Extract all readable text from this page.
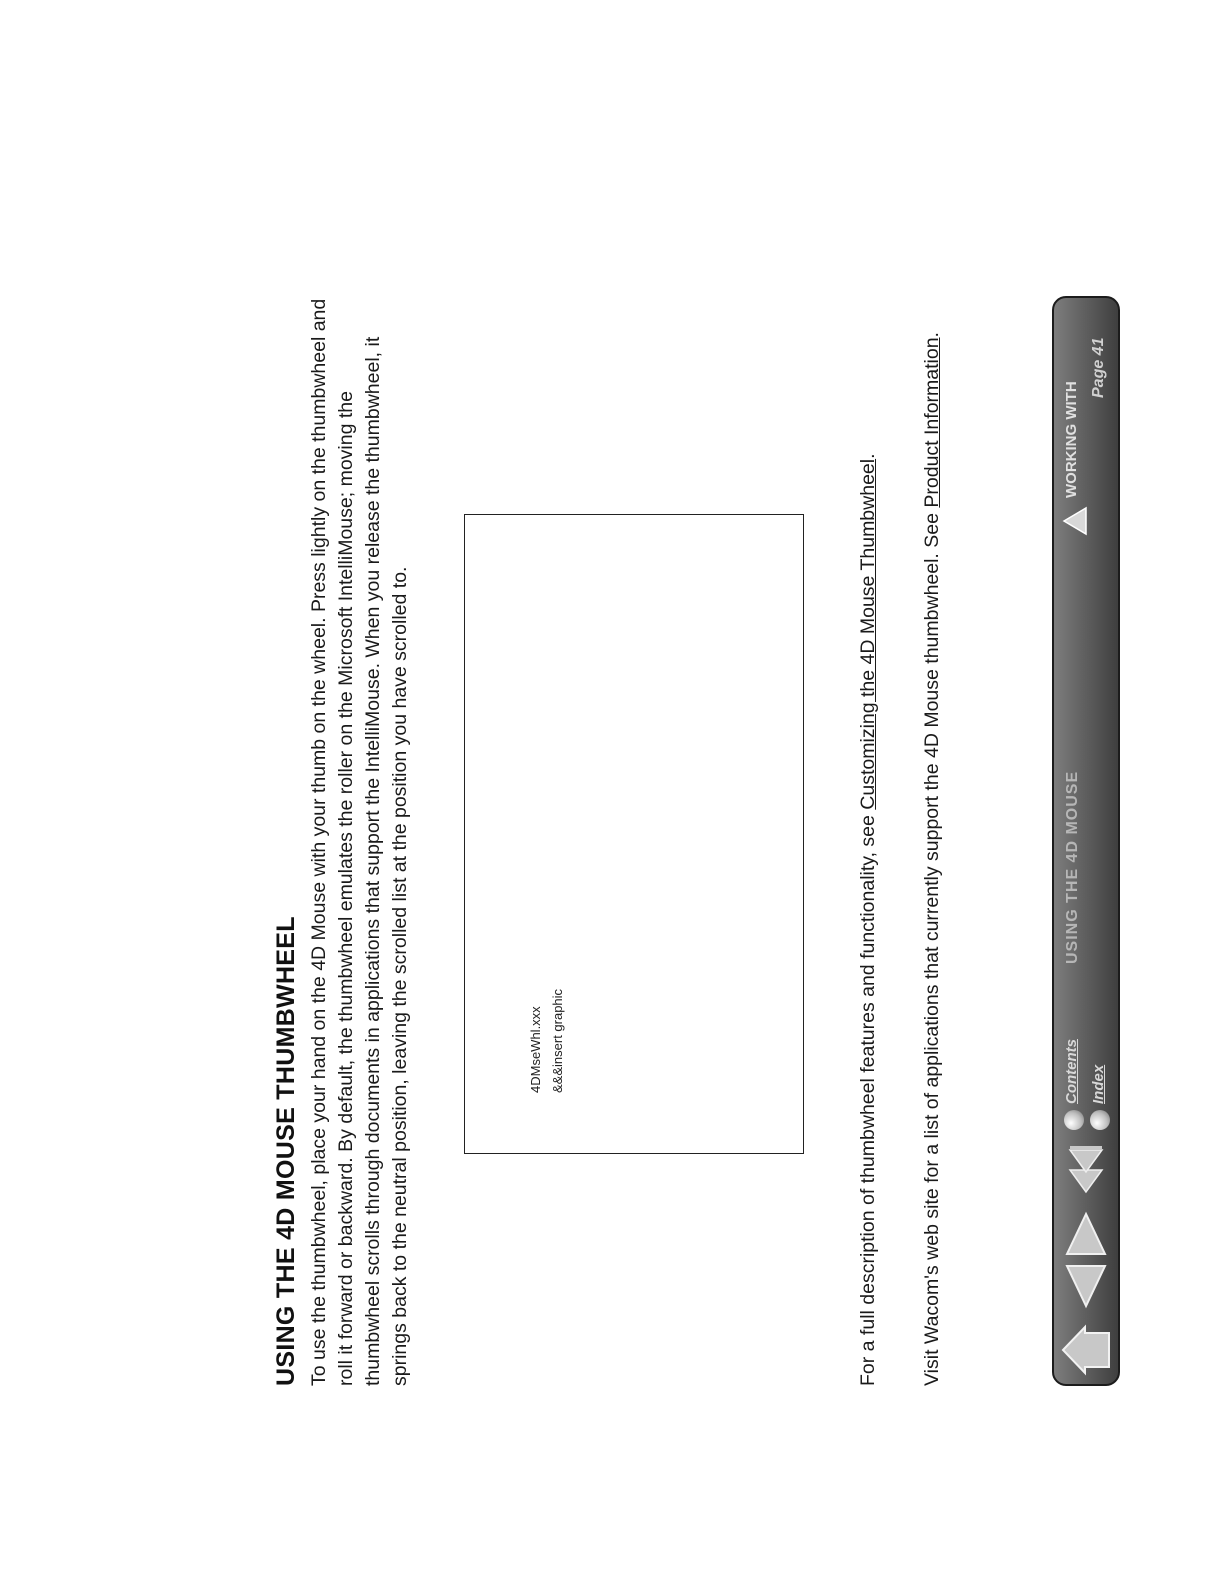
USING THE 4D MOUSE THUMBWHEEL To use the thumbwheel, place your hand on the 4D Mouse with your thumb on the wheel. Press lightly on the thumbwheel and roll it forward or backward. By default, the thumbwheel emulates the roller on the Microsoft IntelliMouse; moving the thumbwheel scrolls through documents in applications that support the IntelliMouse. When you release the thumbwheel, it springs back to the neutral position, leaving the scrolled list at the position you have scrolled to.	4DMseWhl.xxx &&&insert graphic	For a full description of thumbwheel features and functionality, see Customizing the 4D Mouse Thumbwheel.

Visit Wacom's web site for a list of applications that currently support the 4D Mouse thumbwheel. See Product Information.

Contents Index
USING THE 4D MOUSE
WORKING WITH
Page 41
